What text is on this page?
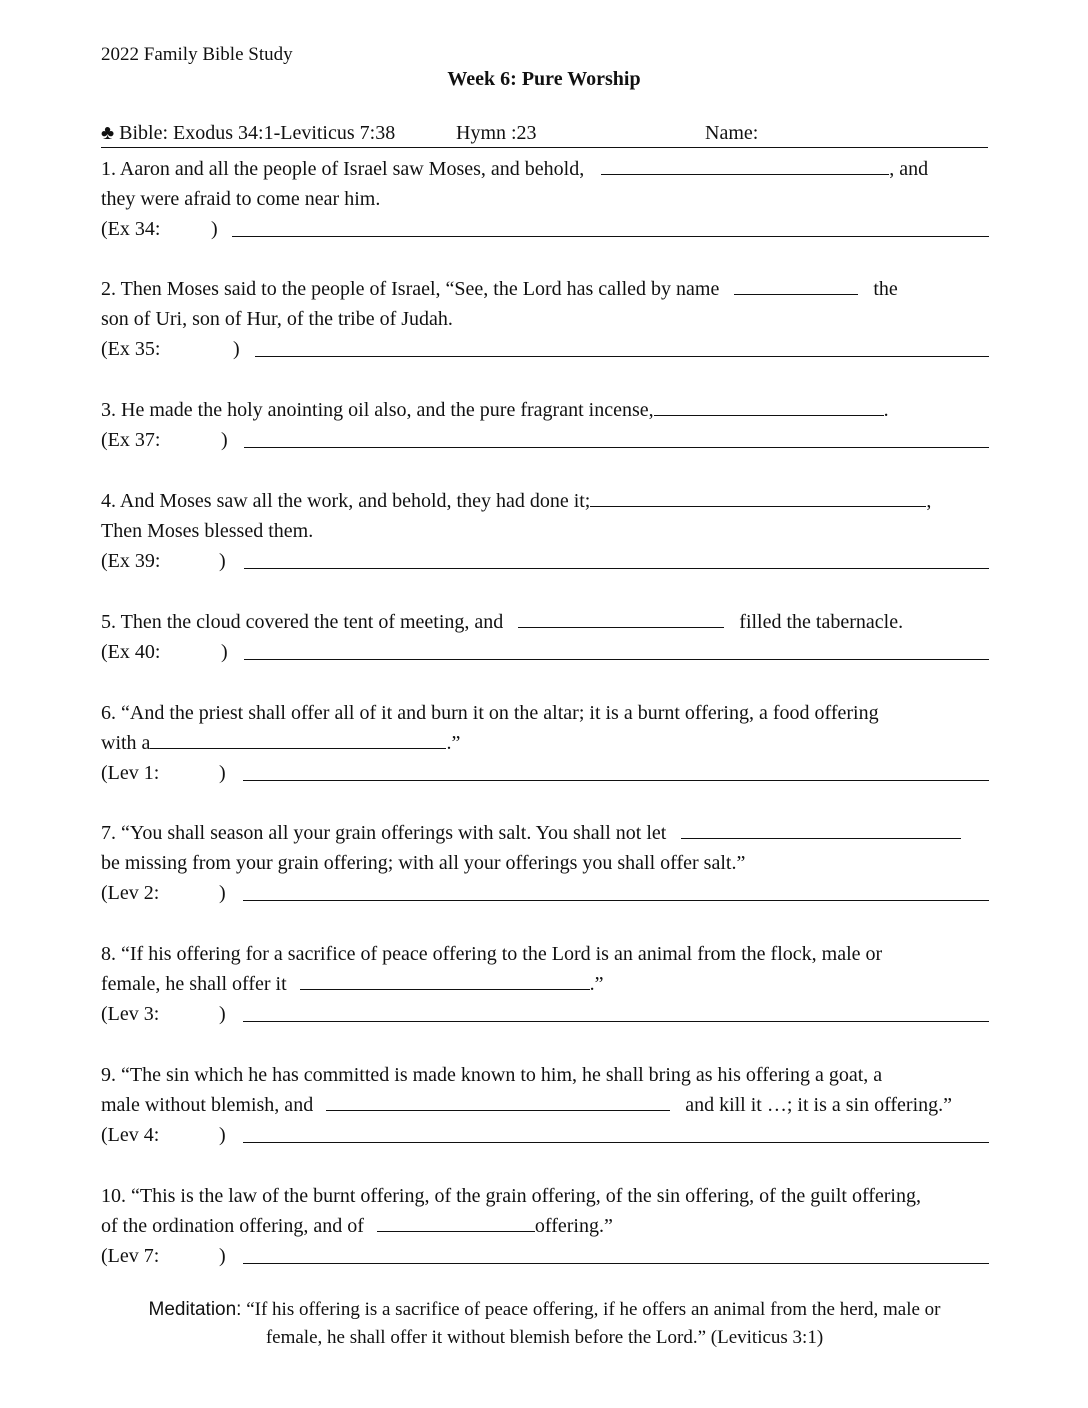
2022 Family Bible Study
Week 6: Pure Worship
♣ Bible: Exodus 34:1-Leviticus 7:38	Hymn :23	Name:
1. Aaron and all the people of Israel saw Moses, and behold,	, and
they were afraid to come near him.
(Ex 34:	)
2. Then Moses said to the people of Israel, “See, the Lord has called by name	the
son of Uri, son of Hur, of the tribe of Judah.
(Ex 35:	)
3. He made the holy anointing oil also, and the pure fragrant incense,	.
(Ex 37:	)
4. And Moses saw all the work, and behold, they had done it;	,
Then Moses blessed them.
(Ex 39:	)
5. Then the cloud covered the tent of meeting, and	filled the tabernacle.
(Ex 40:	)
6. “And the priest shall offer all of it and burn it on the altar; it is a burnt offering, a food offering
with a	.”
(Lev 1:	)
7. “You shall season all your grain offerings with salt. You shall not let
be missing from your grain offering; with all your offerings you shall offer salt.”
(Lev 2:	)
8. “If his offering for a sacrifice of peace offering to the Lord is an animal from the flock, male or
female, he shall offer it	.”
(Lev 3:	)
9. “The sin which he has committed is made known to him, he shall bring as his offering a goat, a
male without blemish, and	and kill it …; it is a sin offering.”
(Lev 4:	)
10. “This is the law of the burnt offering, of the grain offering, of the sin offering, of the guilt offering,
of the ordination offering, and of	offering.”
(Lev 7:	)
Meditation: “If his offering is a sacrifice of peace offering, if he offers an animal from the herd, male or
female, he shall offer it without blemish before the Lord.” (Leviticus 3:1)
